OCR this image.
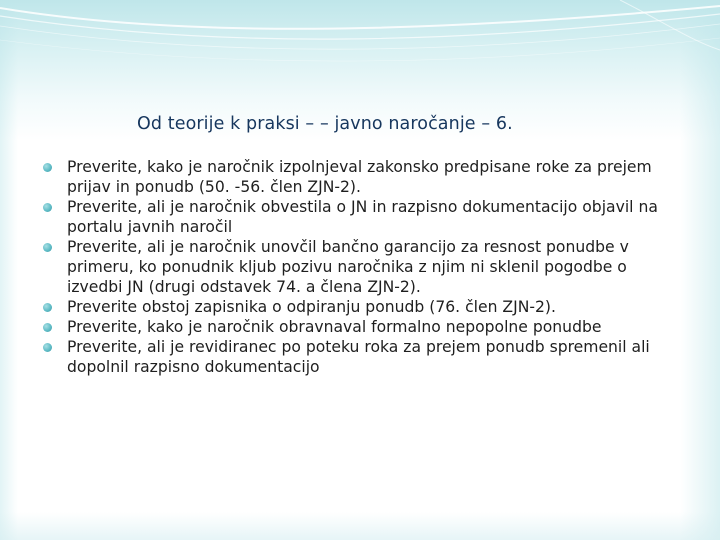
Od teorije k praksi – – javno naročanje – 6.
Preverite, kako je naročnik izpolnjeval zakonsko predpisane roke za prejem prijav in ponudb (50. -56. člen ZJN-2).
Preverite, ali je naročnik obvestila o JN in razpisno dokumentacijo objavil na portalu javnih naročil
Preverite, ali je naročnik unovčil bančno garancijo za resnost ponudbe v primeru, ko ponudnik kljub pozivu naročnika z njim ni sklenil pogodbe o izvedbi JN (drugi odstavek 74. a člena ZJN-2).
Preverite obstoj zapisnika o odpiranju ponudb (76. člen ZJN-2).
Preverite, kako je naročnik obravnaval formalno nepopolne ponudbe
Preverite, ali je revidiranec po poteku roka za prejem ponudb spremenil ali dopolnil razpisno dokumentacijo
